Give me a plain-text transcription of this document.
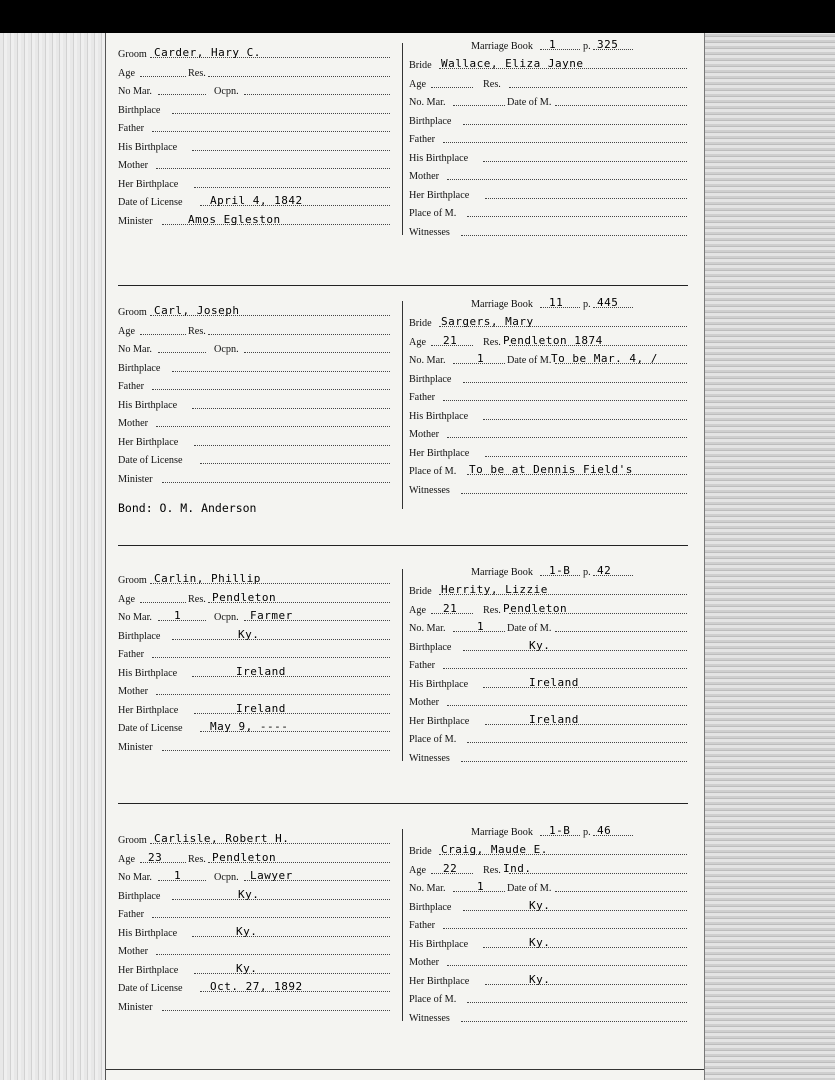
Marriage Book 1	p. 325
Groom Carder, Hary C.
Age	Res.
No Mar.	Ocpn.
Birthplace
Father
His Birthplace
Mother
Her Birthplace
Date of License	April 4, 1842
Minister	Amos Egleston
Bride Wallace, Eliza Jayne
Age	Res.
No. Mar.	Date of M.
Birthplace
Father
His Birthplace
Mother
Her Birthplace
Place of M.
Witnesses
Marriage Book 11 p. 445
Groom Carl, Joseph
Age	Res.
No Mar.	Ocpn.
Birthplace
Father
His Birthplace
Mother
Her Birthplace
Date of License
Minister
Bride Sargers, Mary
Age 21	Res. Pendleton 1874
No. Mar.	1 Date of M. To be Mar. 4, /
Birthplace
Father
His Birthplace
Mother
Her Birthplace
Place of M. To be at Dennis Field's
Witnesses
Bond: O. M. Anderson
Marriage Book 1-B p. 42
Groom Carlin, Phillip
Age	Res. Pendleton
No Mar. 1	Ocpn. Farmer
Birthplace	Ky.
Father
His Birthplace	Ireland
Mother
Her Birthplace	Ireland
Date of License	May 9, ----
Minister
Bride Herrity, Lizzie
Age 21	Res. Pendleton
No. Mar.	1 Date of M.
Birthplace	Ky.
Father
His Birthplace	Ireland
Mother
Her Birthplace	Ireland
Place of M.
Witnesses
Marriage Book 1-B p. 46
Groom Carlisle, Robert H.
Age 23	Res. Pendleton
No Mar. 1	Ocpn. Lawyer
Birthplace	Ky.
Father
His Birthplace	Ky.
Mother
Her Birthplace	Ky.
Date of License	Oct. 27, 1892
Minister
Bride Craig, Maude E.
Age 22	Res. Ind.
No. Mar.	1 Date of M.
Birthplace	Ky.
Father
His Birthplace	Ky.
Mother
Her Birthplace	Ky.
Place of M.
Witnesses
